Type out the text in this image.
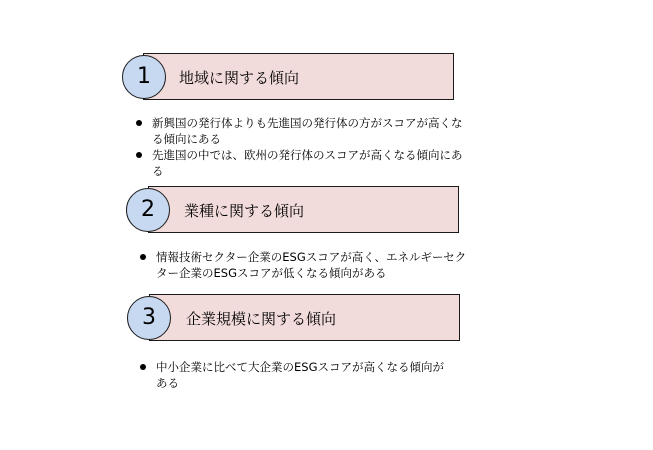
地域に関する傾向
1
新興国の発行体よりも先進国の発行体の方がスコアが高くなる傾向にある
先進国の中では、欧州の発行体のスコアが高くなる傾向にある
業種に関する傾向
2
情報技術セクター企業のESGスコアが高く、エネルギーセクター企業のESGスコアが低くなる傾向がある
企業規模に関する傾向
3
中小企業に比べて大企業のESGスコアが高くなる傾向がある
